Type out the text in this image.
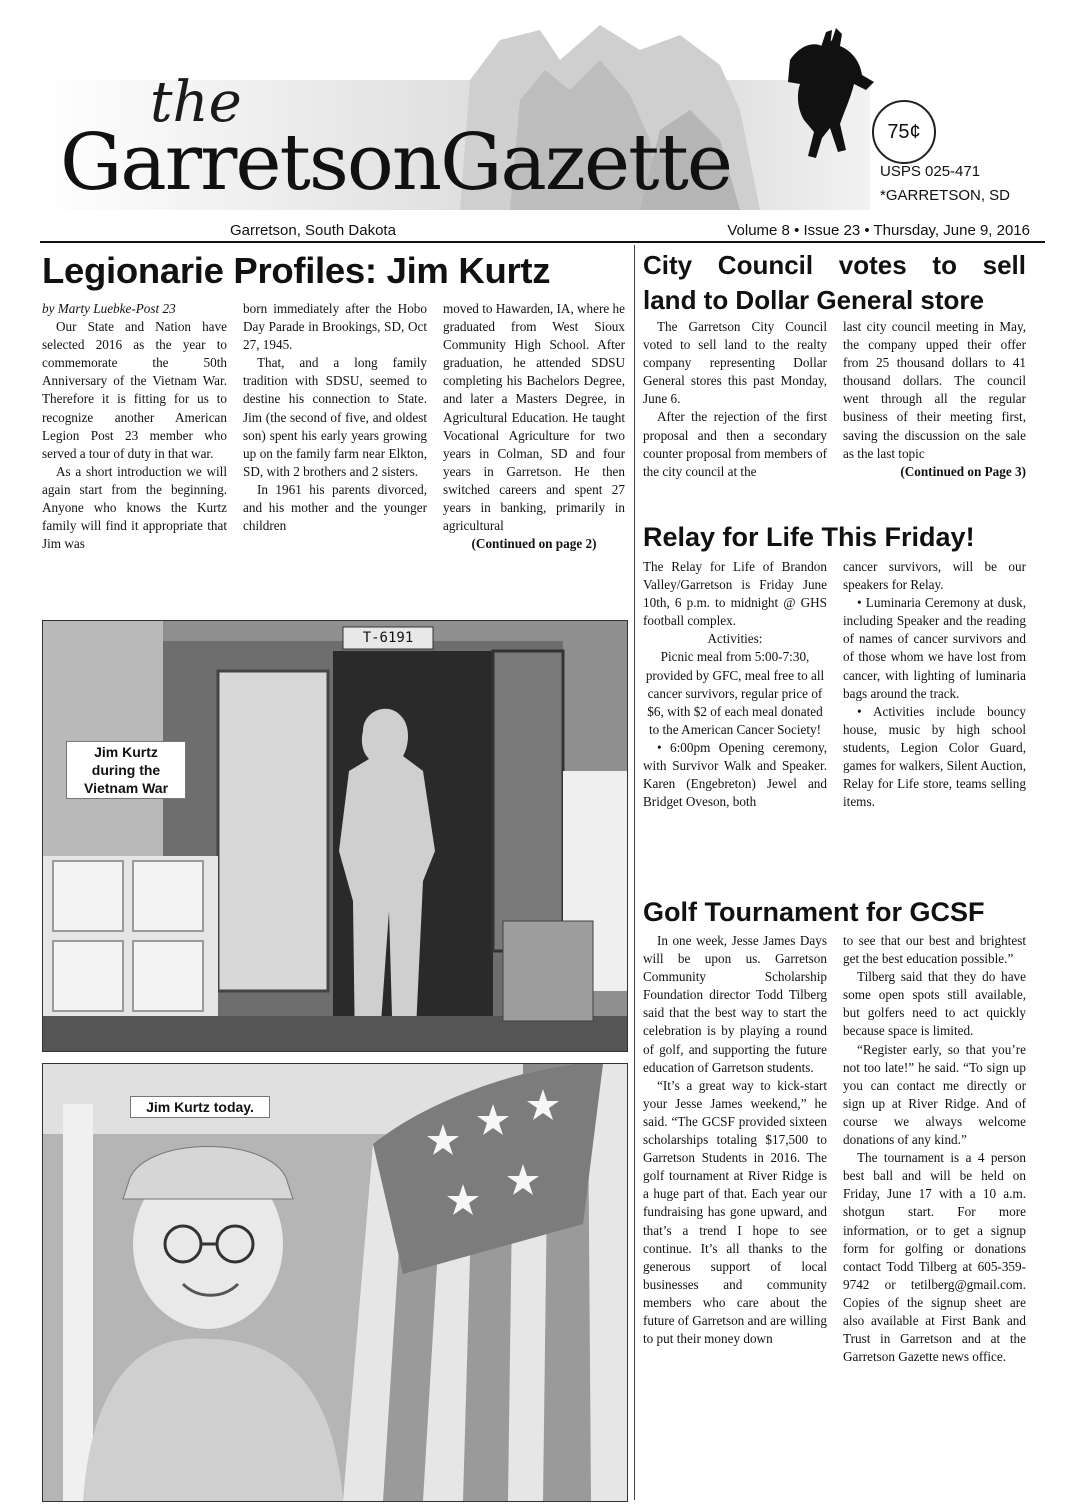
the
GarretsonGazette	75¢
USPS 025-471
*GARRETSON, SD
Garretson, South Dakota	Volume 8 • Issue 23 • Thursday, June 9, 2016
Legionarie Profiles: Jim Kurtz

by Marty Luebke-Post 23

Our State and Nation have selected 2016 as the year to commemorate the 50th Anniversary of the Vietnam War. Therefore it is fitting for us to recognize another American Legion Post 23 member who served a tour of duty in that war.

As a short introduction we will again start from the beginning. Anyone who knows the Kurtz family will find it appropriate that Jim was

born immediately after the Hobo Day Parade in Brookings, SD, Oct 27, 1945.

That, and a long family tradition with SDSU, seemed to destine his connection to State. Jim (the second of five, and oldest son) spent his early years growing up on the family farm near Elkton, SD, with 2 brothers and 2 sisters.

In 1961 his parents divorced, and his mother and the younger children

moved to Hawarden, IA, where he graduated from West Sioux Community High School. After graduation, he attended SDSU completing his Bachelors Degree, and later a Masters Degree, in Agricultural Education. He taught Vocational Agriculture for two years in Colman, SD and four years in Garretson. He then switched careers and spent 27 years in banking, primarily in agricultural

(Continued on page 2)

T-6191
Jim Kurtz during the Vietnam War
Jim Kurtz today.
City Council votes to sell
land to Dollar General store

The Garretson City Council voted to sell land to the realty company representing Dollar General stores this past Monday, June 6.

After the rejection of the first proposal and then a secondary counter proposal from members of the city council at the

last city council meeting in May, the company upped their offer from 25 thousand dollars to 41 thousand dollars. The council went through all the regular business of their meeting first, saving the discussion on the sale as the last topic

(Continued on Page 3)

Relay for Life This Friday!

The Relay for Life of Brandon Valley/Garretson is Friday June 10th, 6 p.m. to midnight @ GHS football complex.

Activities:

Picnic meal from 5:00-7:30, provided by GFC, meal free to all cancer survivors, regular price of $6, with $2 of each meal donated to the American Cancer Society!

• 6:00pm Opening ceremony, with Survivor Walk and Speaker. Karen (Engebreton) Jewel and Bridget Oveson, both

cancer survivors, will be our speakers for Relay.

• Luminaria Ceremony at dusk, including Speaker and the reading of names of cancer survivors and of those whom we have lost from cancer, with lighting of luminaria bags around the track.

• Activities include bouncy house, music by high school students, Legion Color Guard, games for walkers, Silent Auction, Relay for Life store, teams selling items.

Golf Tournament for GCSF

In one week, Jesse James Days will be upon us. Garretson Community Scholarship Foundation director Todd Tilberg said that the best way to start the celebration is by playing a round of golf, and supporting the future education of Garretson students.

“It’s a great way to kick-start your Jesse James weekend,” he said. “The GCSF provided sixteen scholarships totaling $17,500 to Garretson Students in 2016. The golf tournament at River Ridge is a huge part of that. Each year our fundraising has gone upward, and that’s a trend I hope to see continue. It’s all thanks to the generous support of local businesses and community members who care about the future of Garretson and are willing to put their money down

to see that our best and brightest get the best education possible.”

Tilberg said that they do have some open spots still available, but golfers need to act quickly because space is limited.

“Register early, so that you’re not too late!” he said. “To sign up you can contact me directly or sign up at River Ridge. And of course we always welcome donations of any kind.”

The tournament is a 4 person best ball and will be held on Friday, June 17 with a 10 a.m. shotgun start. For more information, or to get a signup form for golfing or donations contact Todd Tilberg at 605-359-9742 or tetilberg@gmail.com. Copies of the signup sheet are also available at First Bank and Trust in Garretson and at the Garretson Gazette news office.
